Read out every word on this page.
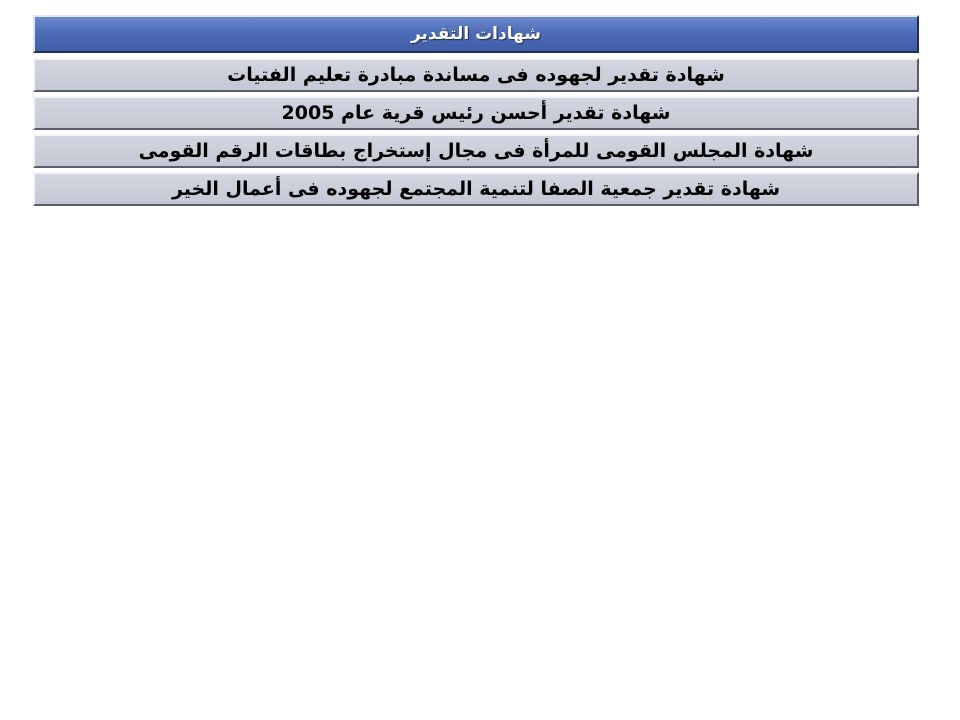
شهادات التقدير
شهادة تقدير لجهوده فى مساندة مبادرة تعليم الفتيات
شهادة تقدير أحسن رئيس قرية عام 2005
شهادة المجلس القومى للمرأة فى مجال إستخراج بطاقات الرقم القومى
شهادة تقدير جمعية الصفا لتنمية المجتمع لجهوده فى أعمال الخير
